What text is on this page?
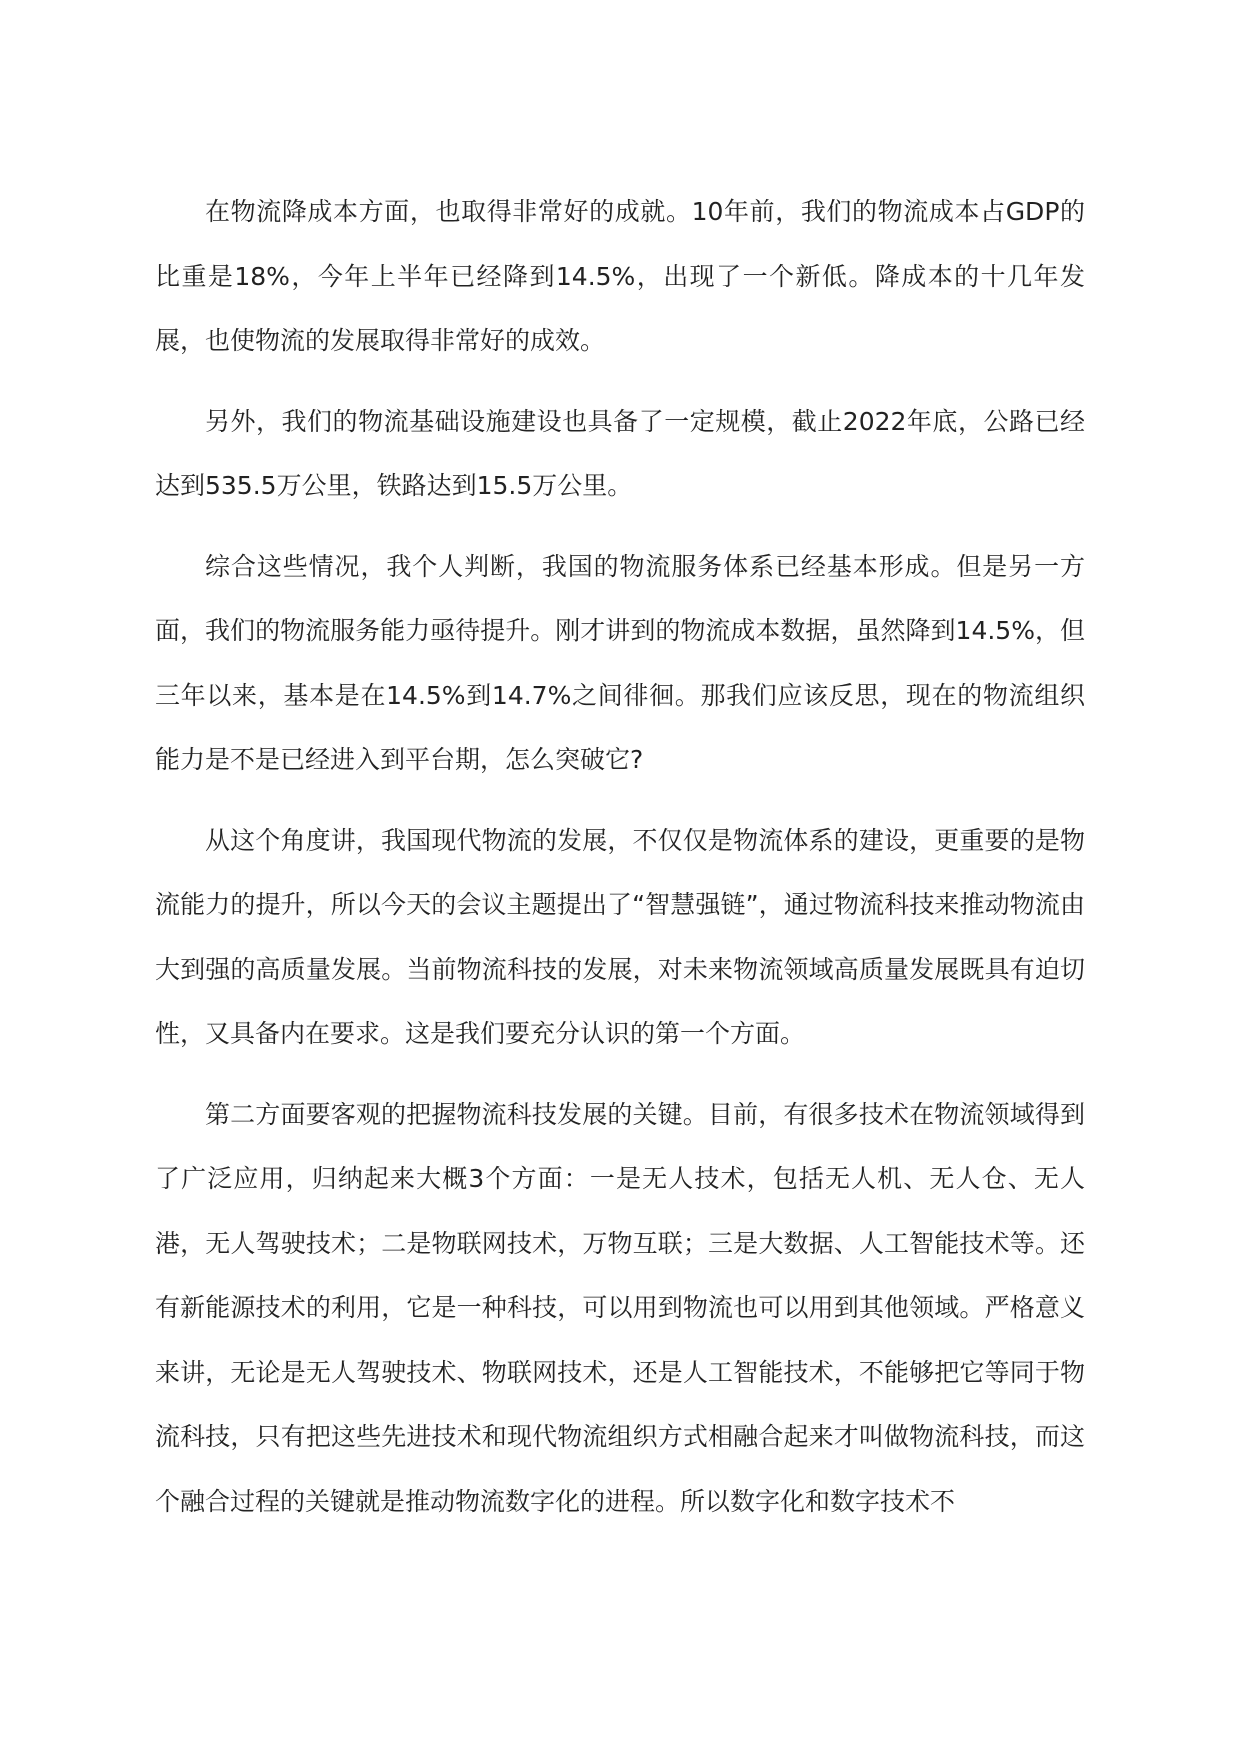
在物流降成本方面，也取得非常好的成就。10年前，我们的物流成本占GDP的比重是18%，今年上半年已经降到14.5%，出现了一个新低。降成本的十几年发展，也使物流的发展取得非常好的成效。

另外，我们的物流基础设施建设也具备了一定规模，截止2022年底，公路已经达到535.5万公里，铁路达到15.5万公里。

综合这些情况，我个人判断，我国的物流服务体系已经基本形成。但是另一方面，我们的物流服务能力亟待提升。刚才讲到的物流成本数据，虽然降到14.5%，但三年以来，基本是在14.5%到14.7%之间徘徊。那我们应该反思，现在的物流组织能力是不是已经进入到平台期，怎么突破它?

从这个角度讲，我国现代物流的发展，不仅仅是物流体系的建设，更重要的是物流能力的提升，所以今天的会议主题提出了“智慧强链”，通过物流科技来推动物流由大到强的高质量发展。当前物流科技的发展，对未来物流领域高质量发展既具有迫切性，又具备内在要求。这是我们要充分认识的第一个方面。

第二方面要客观的把握物流科技发展的关键。目前，有很多技术在物流领域得到了广泛应用，归纳起来大概3个方面：一是无人技术，包括无人机、无人仓、无人港，无人驾驶技术；二是物联网技术，万物互联；三是大数据、人工智能技术等。还有新能源技术的利用，它是一种科技，可以用到物流也可以用到其他领域。严格意义来讲，无论是无人驾驶技术、物联网技术，还是人工智能技术，不能够把它等同于物流科技，只有把这些先进技术和现代物流组织方式相融合起来才叫做物流科技，而这个融合过程的关键就是推动物流数字化的进程。所以数字化和数字技术不
